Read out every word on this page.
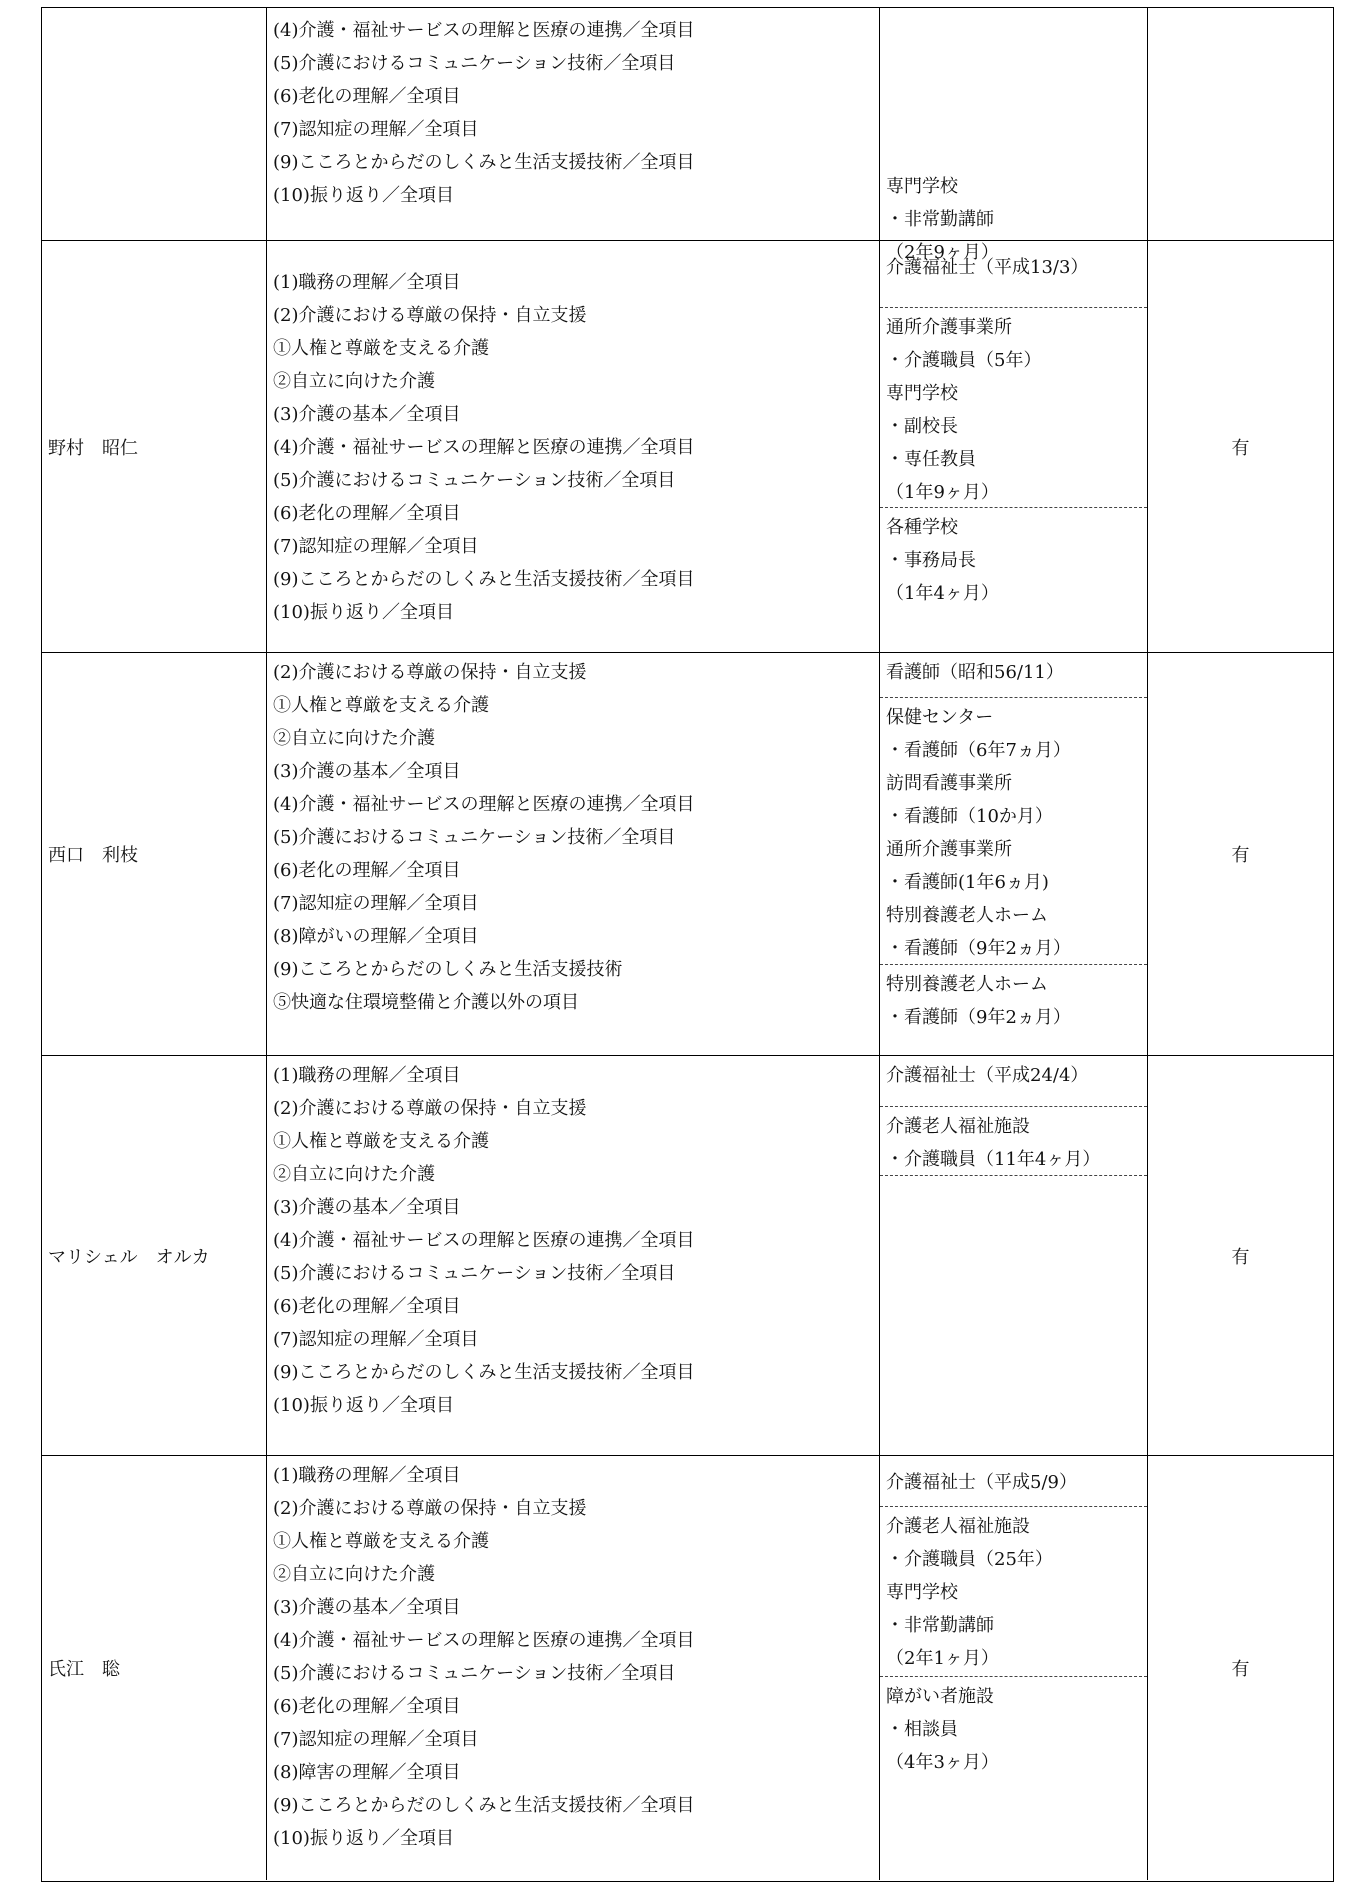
(4)介護・福祉サービスの理解と医療の連携／全項目
(5)介護におけるコミュニケーション技術／全項目
(6)老化の理解／全項目
(7)認知症の理解／全項目
(9)こころとからだのしくみと生活支援技術／全項目
(10)振り返り／全項目	専門学校
・非常勤講師
（2年9ヶ月）
野村　昭仁
(1)職務の理解／全項目
(2)介護における尊厳の保持・自立支援
①人権と尊厳を支える介護
②自立に向けた介護
(3)介護の基本／全項目
(4)介護・福祉サービスの理解と医療の連携／全項目
(5)介護におけるコミュニケーション技術／全項目
(6)老化の理解／全項目
(7)認知症の理解／全項目
(9)こころとからだのしくみと生活支援技術／全項目
(10)振り返り／全項目
介護福祉士（平成13/3）
通所介護事業所
・介護職員（5年）
専門学校
・副校長
・専任教員
（1年9ヶ月）
各種学校
・事務局長
（1年4ヶ月）
有
西口　利枝
(2)介護における尊厳の保持・自立支援
①人権と尊厳を支える介護
②自立に向けた介護
(3)介護の基本／全項目
(4)介護・福祉サービスの理解と医療の連携／全項目
(5)介護におけるコミュニケーション技術／全項目
(6)老化の理解／全項目
(7)認知症の理解／全項目
(8)障がいの理解／全項目
(9)こころとからだのしくみと生活支援技術
⑤快適な住環境整備と介護以外の項目
看護師（昭和56/11）
保健センター
・看護師（6年7ヵ月）
訪問看護事業所
・看護師（10か月）
通所介護事業所
・看護師(1年6ヵ月)
特別養護老人ホーム
・看護師（9年2ヵ月）
特別養護老人ホーム
・看護師（9年2ヵ月）
有
マリシェル　オルカ
(1)職務の理解／全項目
(2)介護における尊厳の保持・自立支援
①人権と尊厳を支える介護
②自立に向けた介護
(3)介護の基本／全項目
(4)介護・福祉サービスの理解と医療の連携／全項目
(5)介護におけるコミュニケーション技術／全項目
(6)老化の理解／全項目
(7)認知症の理解／全項目
(9)こころとからだのしくみと生活支援技術／全項目
(10)振り返り／全項目
介護福祉士（平成24/4）
介護老人福祉施設
・介護職員（11年4ヶ月）
有
氏江　聡
(1)職務の理解／全項目
(2)介護における尊厳の保持・自立支援
①人権と尊厳を支える介護
②自立に向けた介護
(3)介護の基本／全項目
(4)介護・福祉サービスの理解と医療の連携／全項目
(5)介護におけるコミュニケーション技術／全項目
(6)老化の理解／全項目
(7)認知症の理解／全項目
(8)障害の理解／全項目
(9)こころとからだのしくみと生活支援技術／全項目
(10)振り返り／全項目
介護福祉士（平成5/9）
介護老人福祉施設
・介護職員（25年）
専門学校
・非常勤講師
（2年1ヶ月）
障がい者施設
・相談員
（4年3ヶ月）
有
